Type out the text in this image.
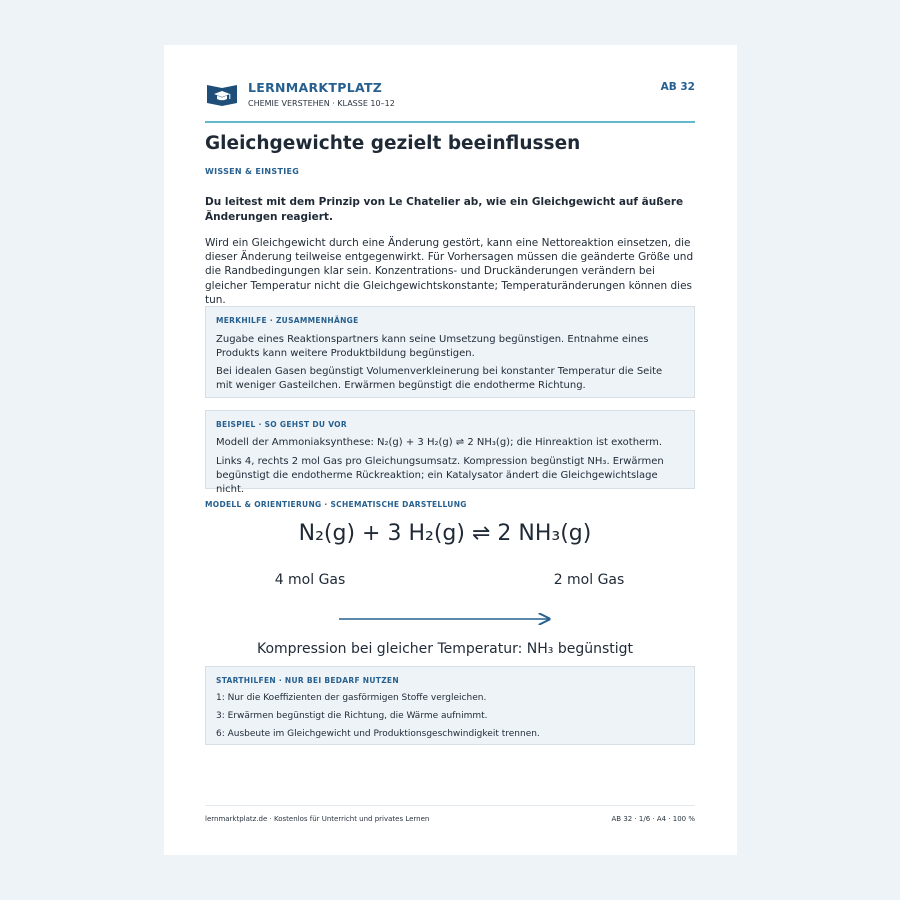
LERNMARKTPLATZ
CHEMIE VERSTEHEN · KLASSE 10–12
AB 32
Gleichgewichte gezielt beeinflussen
WISSEN & EINSTIEG

Du leitest mit dem Prinzip von Le Chatelier ab, wie ein Gleichgewicht auf äußere Änderungen reagiert.

Wird ein Gleichgewicht durch eine Änderung gestört, kann eine Nettoreaktion einsetzen, die dieser Änderung teilweise entgegenwirkt. Für Vorhersagen müssen die geänderte Größe und die Randbedingungen klar sein. Konzentrations- und Druckänderungen verändern bei gleicher Temperatur nicht die Gleichgewichtskonstante; Temperaturänderungen können dies tun.

MERKHILFE · ZUSAMMENHÄNGE

Zugabe eines Reaktionspartners kann seine Umsetzung begünstigen. Entnahme eines Produkts kann weitere Produktbildung begünstigen.

Bei idealen Gasen begünstigt Volumenverkleinerung bei konstanter Temperatur die Seite mit weniger Gasteilchen. Erwärmen begünstigt die endotherme Richtung.

BEISPIEL · SO GEHST DU VOR

Modell der Ammoniaksynthese: N₂(g) + 3 H₂(g) ⇌ 2 NH₃(g); die Hinreaktion ist exotherm.

Links 4, rechts 2 mol Gas pro Gleichungsumsatz. Kompression begünstigt NH₃. Erwärmen begünstigt die endotherme Rückreaktion; ein Katalysator ändert die Gleichgewichtslage nicht.

MODELL & ORIENTIERUNG · SCHEMATISCHE DARSTELLUNG
N₂(g) + 3 H₂(g) ⇌ 2 NH₃(g)
4 mol Gas	2 mol Gas
Kompression bei gleicher Temperatur: NH₃ begünstigt
STARTHILFEN · NUR BEI BEDARF NUTZEN
1: Nur die Koeffizienten der gasförmigen Stoffe vergleichen.
3: Erwärmen begünstigt die Richtung, die Wärme aufnimmt.
6: Ausbeute im Gleichgewicht und Produktionsgeschwindigkeit trennen.
lernmarktplatz.de · Kostenlos für Unterricht und privates Lernen	AB 32 · 1/6 · A4 · 100 %
